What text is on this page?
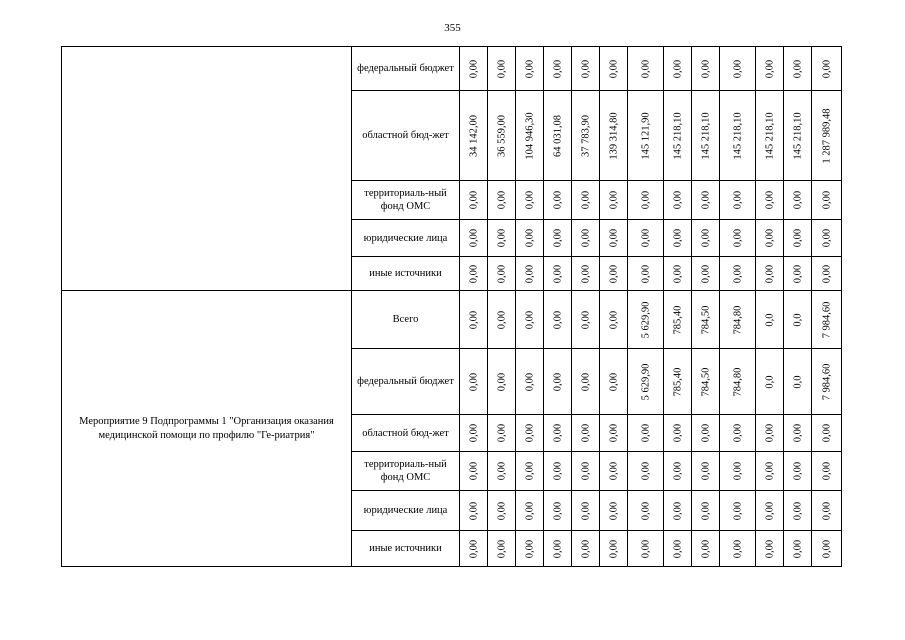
355
	федеральный бюджет	0,00	0,00	0,00	0,00	0,00	0,00	0,00	0,00	0,00	0,00	0,00	0,00	0,00

	областной бюд-жет	34 142,00	36 559,00	104 946,30	64 031,08	37 783,90	139 314,80	145 121,90	145 218,10	145 218,10	145 218,10	145 218,10	145 218,10	1 287 989,48

	территориаль-ный фонд ОМС	0,00	0,00	0,00	0,00	0,00	0,00	0,00	0,00	0,00	0,00	0,00	0,00	0,00

	юридические лица	0,00	0,00	0,00	0,00	0,00	0,00	0,00	0,00	0,00	0,00	0,00	0,00	0,00

	иные источники	0,00	0,00	0,00	0,00	0,00	0,00	0,00	0,00	0,00	0,00	0,00	0,00	0,00

Мероприятие 9 Подпрограммы 1 "Организация оказания медицинской помощи по профилю "Ге-риатрия"	Всего	0,00	0,00	0,00	0,00	0,00	0,00	5 629,90	785,40	784,50	784,80	0,0	0,0	7 984,60

	федеральный бюджет	0,00	0,00	0,00	0,00	0,00	0,00	5 629,90	785,40	784,50	784,80	0,0	0,0	7 984,60

	областной бюд-жет	0,00	0,00	0,00	0,00	0,00	0,00	0,00	0,00	0,00	0,00	0,00	0,00	0,00

	территориаль-ный фонд ОМС	0,00	0,00	0,00	0,00	0,00	0,00	0,00	0,00	0,00	0,00	0,00	0,00	0,00

	юридические лица	0,00	0,00	0,00	0,00	0,00	0,00	0,00	0,00	0,00	0,00	0,00	0,00	0,00

	иные источники	0,00	0,00	0,00	0,00	0,00	0,00	0,00	0,00	0,00	0,00	0,00	0,00	0,00
